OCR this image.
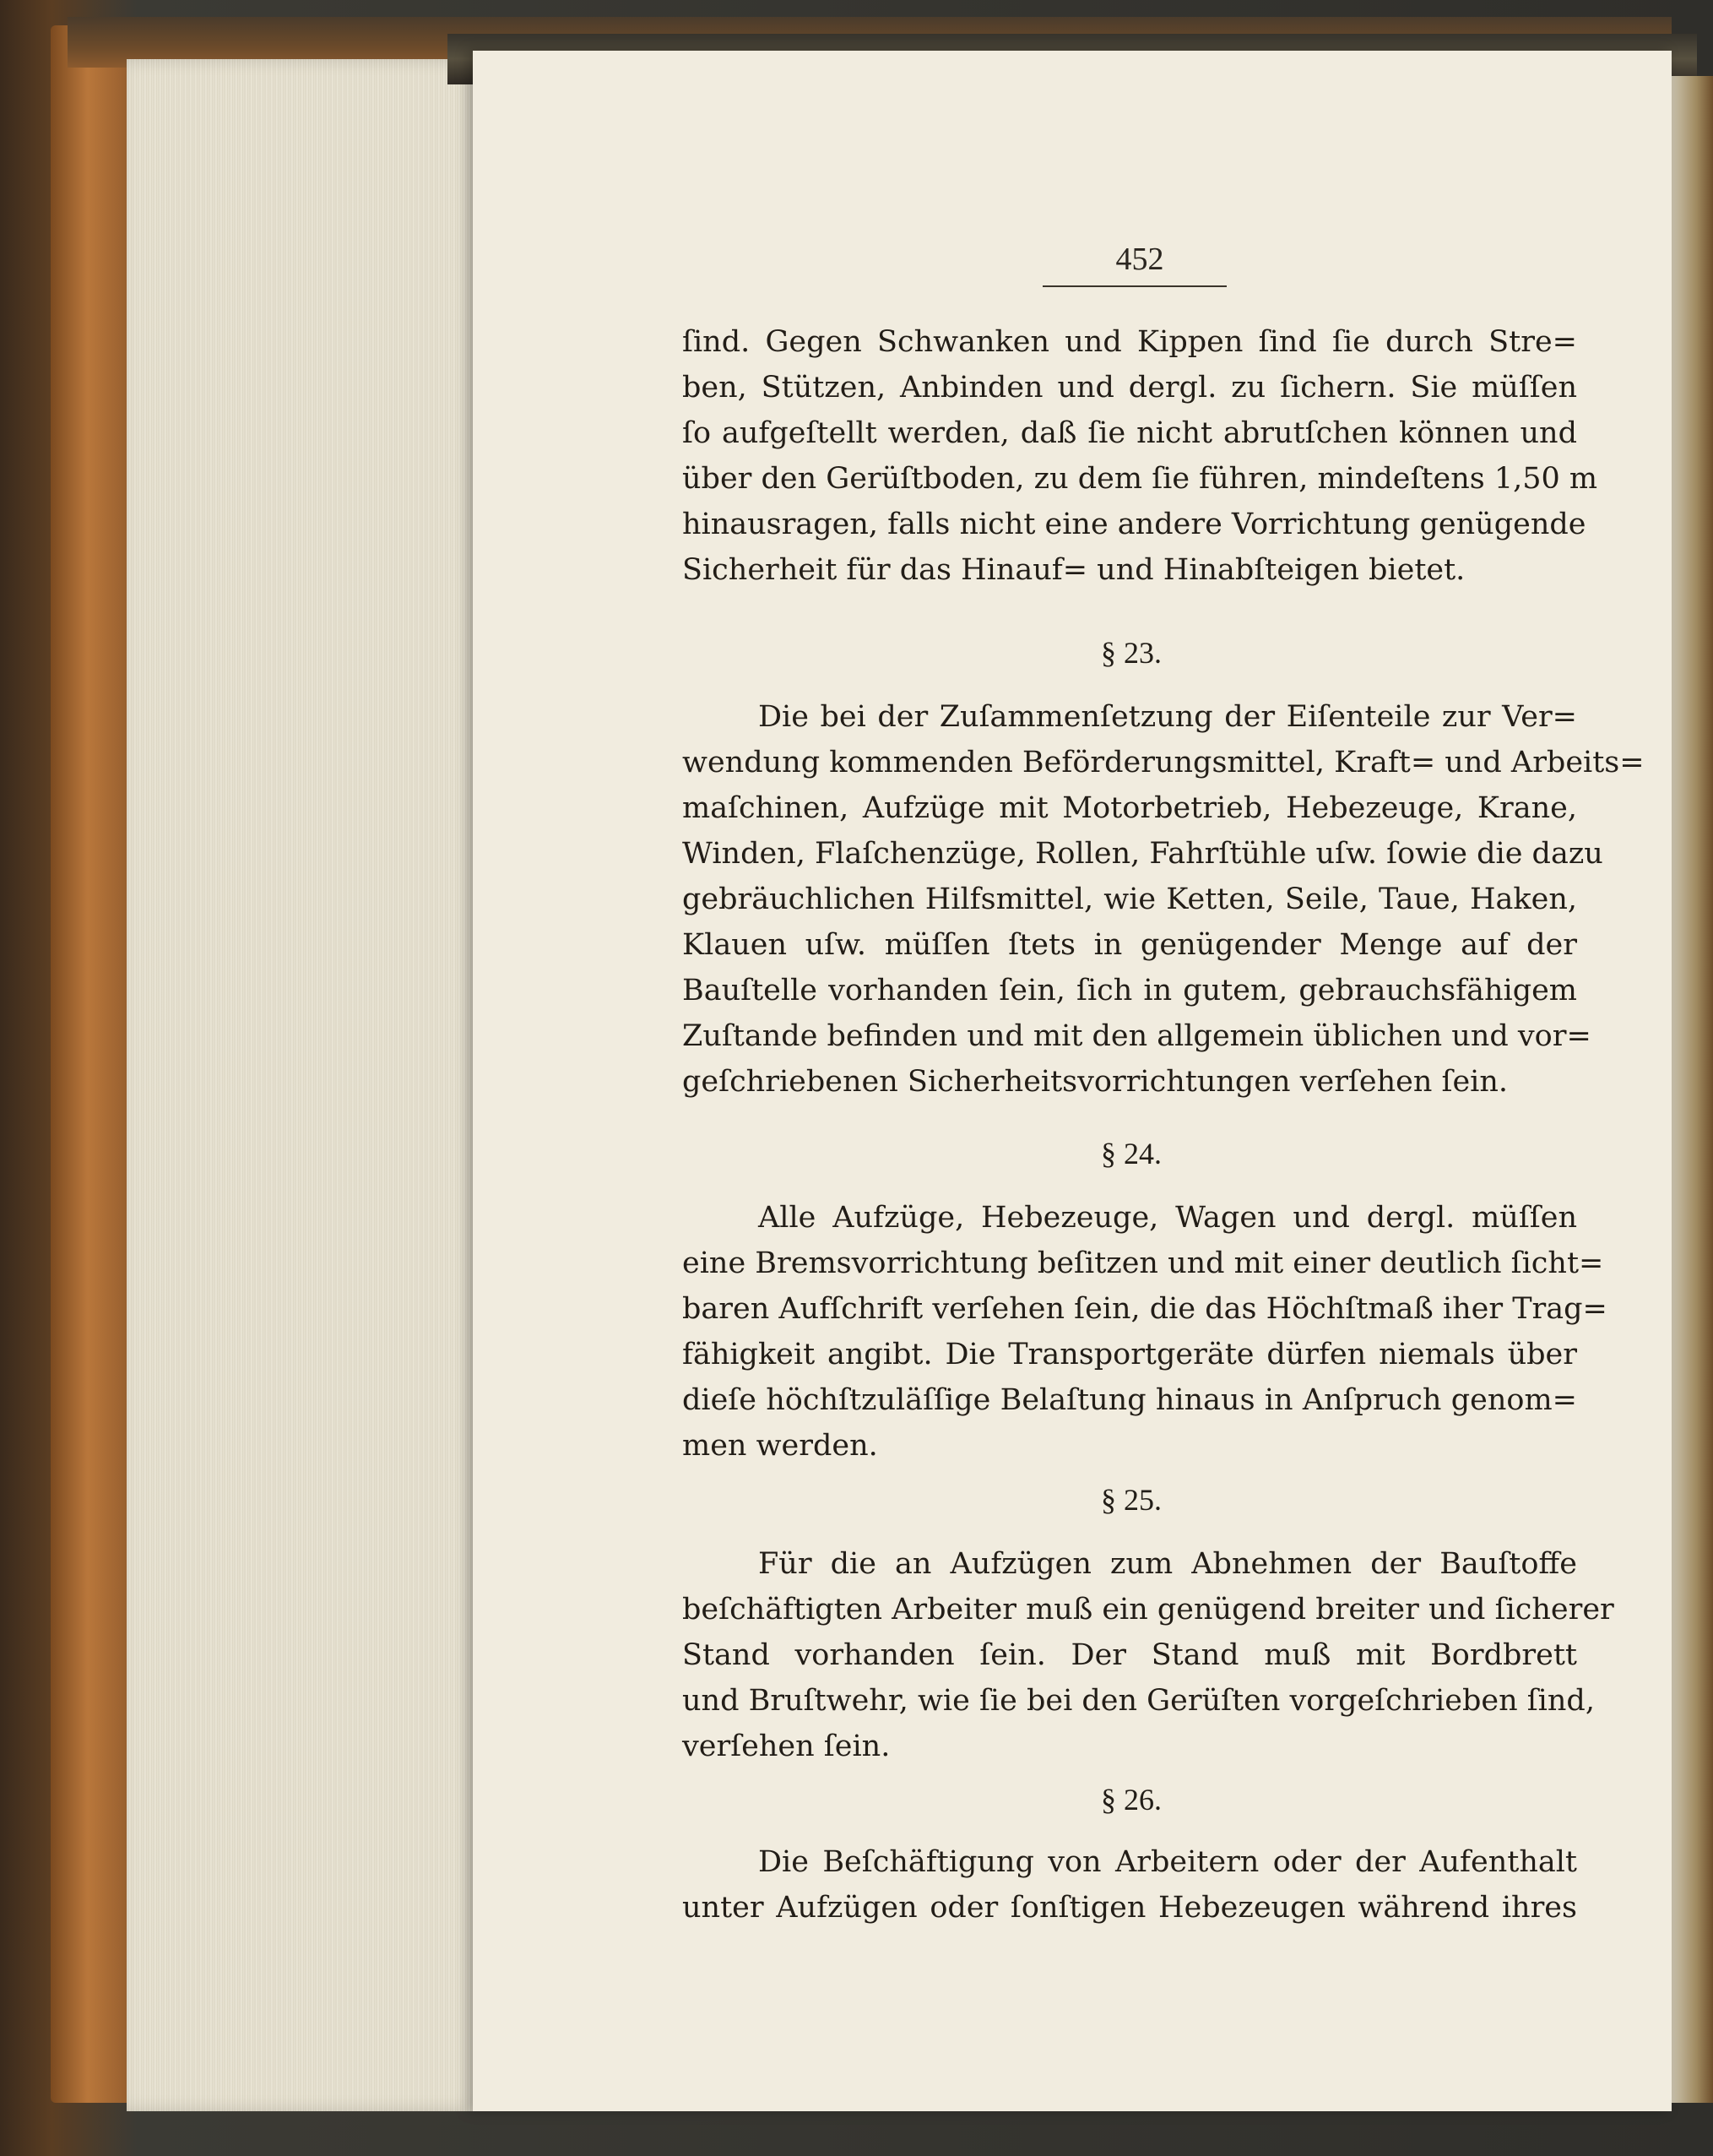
452
ſind. Gegen Schwanken und Kippen ſind ſie durch Stre=
ben, Stützen, Anbinden und dergl. zu ſichern. Sie müſſen
ſo aufgeſtellt werden, daß ſie nicht abrutſchen können und
über den Gerüſtboden, zu dem ſie führen, mindeſtens 1,50 m
hinausragen, falls nicht eine andere Vorrichtung genügende
Sicherheit für das Hinauf= und Hinabſteigen bietet.
§ 23.
Die bei der Zuſammenſetzung der Eiſenteile zur Ver=
wendung kommenden Beförderungsmittel, Kraft= und Arbeits=
maſchinen, Aufzüge mit Motorbetrieb, Hebezeuge, Krane,
Winden, Flaſchenzüge, Rollen, Fahrſtühle uſw. ſowie die dazu
gebräuchlichen Hilfsmittel, wie Ketten, Seile, Taue, Haken,
Klauen uſw. müſſen ſtets in genügender Menge auf der
Bauſtelle vorhanden ſein, ſich in gutem, gebrauchsfähigem
Zuſtande befinden und mit den allgemein üblichen und vor=
geſchriebenen Sicherheitsvorrichtungen verſehen ſein.
§ 24.
Alle Aufzüge, Hebezeuge, Wagen und dergl. müſſen
eine Bremsvorrichtung beſitzen und mit einer deutlich ſicht=
baren Aufſchrift verſehen ſein, die das Höchſtmaß iher Trag=
fähigkeit angibt. Die Transportgeräte dürfen niemals über
dieſe höchſtzuläſſige Belaſtung hinaus in Anſpruch genom=
men werden.
§ 25.
Für die an Aufzügen zum Abnehmen der Bauſtoffe
beſchäftigten Arbeiter muß ein genügend breiter und ſicherer
Stand vorhanden ſein. Der Stand muß mit Bordbrett
und Bruſtwehr, wie ſie bei den Gerüſten vorgeſchrieben ſind,
verſehen ſein.
§ 26.
Die Beſchäftigung von Arbeitern oder der Aufenthalt
unter Aufzügen oder ſonſtigen Hebezeugen während ihres
